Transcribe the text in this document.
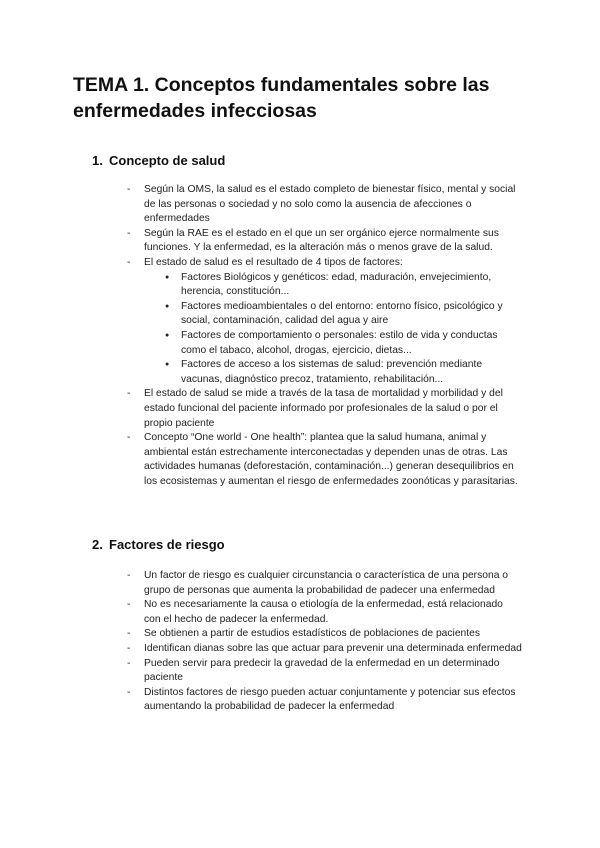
TEMA 1. Conceptos fundamentales sobre las enfermedades infecciosas
1. Concepto de salud
- Según la OMS, la salud es el estado completo de bienestar físico, mental y social de las personas o sociedad y no solo como la ausencia de afecciones o enfermedades
- Según la RAE es el estado en el que un ser orgánico ejerce normalmente sus funciones. Y la enfermedad, es la alteración más o menos grave de la salud.
- El estado de salud es el resultado de 4 tipos de factores:
● Factores Biológicos y genéticos: edad, maduración, envejecimiento, herencia, constitución...
● Factores medioambientales o del entorno: entorno físico, psicológico y social, contaminación, calidad del agua y aire
● Factores de comportamiento o personales: estilo de vida y conductas como el tabaco, alcohol, drogas, ejercicio, dietas...
● Factores de acceso a los sistemas de salud: prevención mediante vacunas, diagnóstico precoz, tratamiento, rehabilitación...
- El estado de salud se mide a través de la tasa de mortalidad y morbilidad y del estado funcional del paciente informado por profesionales de la salud o por el propio paciente
- Concepto “One world - One health”: plantea que la salud humana, animal y ambiental están estrechamente interconectadas y dependen unas de otras. Las actividades humanas (deforestación, contaminación...) generan desequilibrios en los ecosistemas y aumentan el riesgo de enfermedades zoonóticas y parasitarias.
2. Factores de riesgo
- Un factor de riesgo es cualquier circunstancia o característica de una persona o grupo de personas que aumenta la probabilidad de padecer una enfermedad
- No es necesariamente la causa o etiología de la enfermedad, está relacionado con el hecho de padecer la enfermedad.
- Se obtienen a partir de estudios estadísticos de poblaciones de pacientes
- Identifican dianas sobre las que actuar para prevenir una determinada enfermedad
- Pueden servir para predecir la gravedad de la enfermedad en un determinado paciente
- Distintos factores de riesgo pueden actuar conjuntamente y potenciar sus efectos aumentando la probabilidad de padecer la enfermedad
